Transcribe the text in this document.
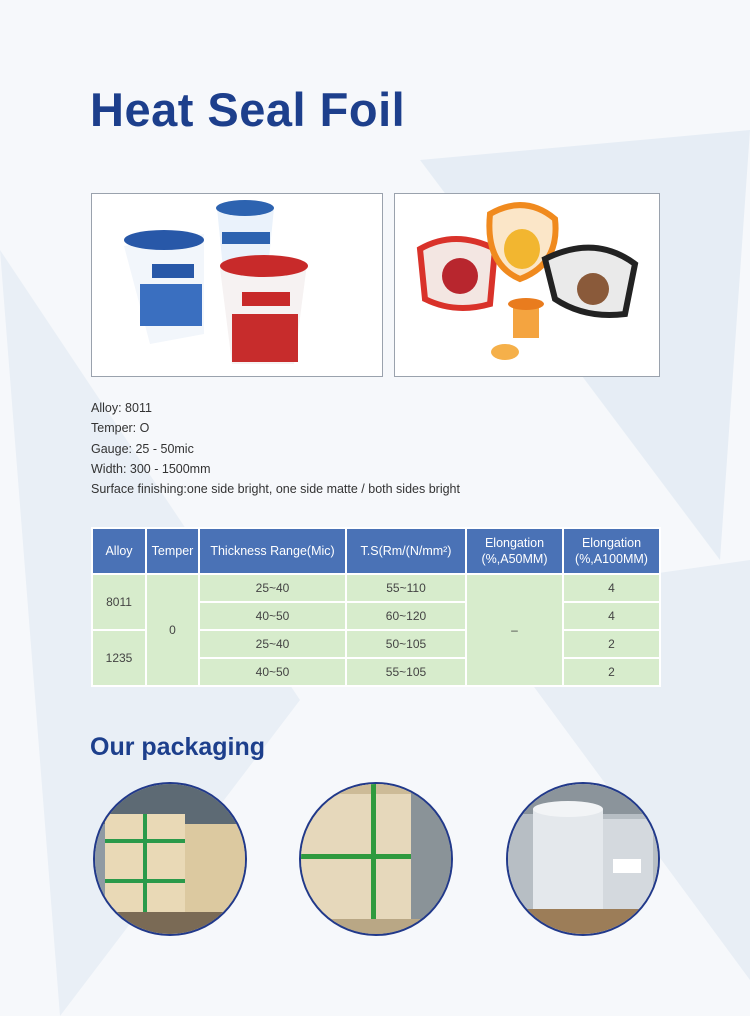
Heat Seal Foil
Alloy: 8011
Temper: O
Gauge: 25 - 50mic
Width: 300 - 1500mm
Surface finishing:one side bright, one side matte / both sides bright
Alloy	Temper	Thickness Range(Mic)	T.S(Rm/(N/mm²)	Elongation (%,A50MM)	Elongation (%,A100MM)
8011	0	25~40	55~110	–	4
		40~50	60~120		4
1235		25~40	50~105		2
		40~50	55~105		2
Our packaging
